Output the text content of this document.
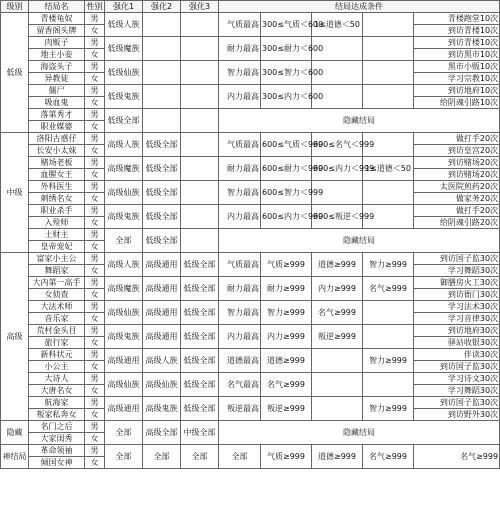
级别	结局名	性别	强化1	强化2	强化3	结局达成条件				
低级	青楼龟奴	男	低级人族			气质最高	300≤气质＜600	1≤道德＜50		青楼跑堂10次
	留香阁头牌	女								到访青楼10次
	肉贩子	男	低级魔族			耐力最高	300≤耐力＜600			到访青楼10次
	地主小妾	女								到访黑市10次
	海盗头子	男	低级仙族			智力最高	300≤智力＜600			黑市小贩10次
	异教徒	女								学习宗教10次
	僵尸	男	低级鬼族			内力最高	300≤内力＜600			到访地府10次
	吸血鬼	女								给阴魂引路10次
	落第秀才	男	低级全部			隐藏结局				
	职业媒婆	女								
中级	洛阳古惑仔	男	高级人族	低级全部		气质最高	600≤气质＜999	600≤名气＜999		做打手20次
	长安小太妹	女								到访皇宫20次
	赌场老板	男	高级魔族	低级全部		耐力最高	600≤耐力＜999	600≤内力＜999	1≤道德＜50	到访赌场20次
	血腥女王	女								到访赌场20次
	外科医生	男	高级仙族	低级全部		智力最高	600≤智力＜999			太医院煎药20次
	刺绣名女	女								做家务20次
	职业杀手	男	高级鬼族	低级全部		内力最高	600≤内力＜999	600≤叛逆＜999		做打手20次
	入殓师	女								给阴魂引路20次
	土财主	男	全部	低级全部		隐藏结局				
	皇帝宠妃	女								
高级	富家小主公	男	高级人族	高级通用	低级全部	气质最高	气质≥999	道德≥999	智力≥999	到访国子监30次
	舞蹈家	女								学习舞蹈30次
	大内第一高手	男	高级魔族	高级通用	低级全部	耐力最高	耐力≥999	内力≥999	名气≥999	御膳房火工30次
	女侦查	女								到访衙门30次
	大法术师	男	高级仙族	高级通用	低级全部	智力最高	智力≥999	名气≥999		学习法术30次
	音乐家	女								学习音律30次
	荒村金头目	男	高级鬼族	高级通用	低级全部	内力最高	内力≥999	叛逆≥999		到访地府30次
	旅行家	女								驿站收银30次
	新科状元	男	高级通用	高级人族	低级全部	道德最高	道德≥999		智力≥999	伴读30次
	小公主	女								到访国子监30次
	大诗人	男	高级仙族	高级仙族	低级全部	名气最高	名气≥999			学习诗文30次
	大唐名女	女								学习舞蹈30次
	航海家	男	高级通用	高级鬼族	低级全部	叛逆最高	叛逆≥999		智力≥999	到访国子监30次
	叛家私奔女	女								到访野外30次
隐藏	名门之后	男	全部	高级全部	中级全部	隐藏结局				
	大家闺秀	女								
神结局	革命领袖	男	全部	全部	全部	全部	气质≥999	道德≥999	名气≥999	名气≥999
	倾国女神	女								
